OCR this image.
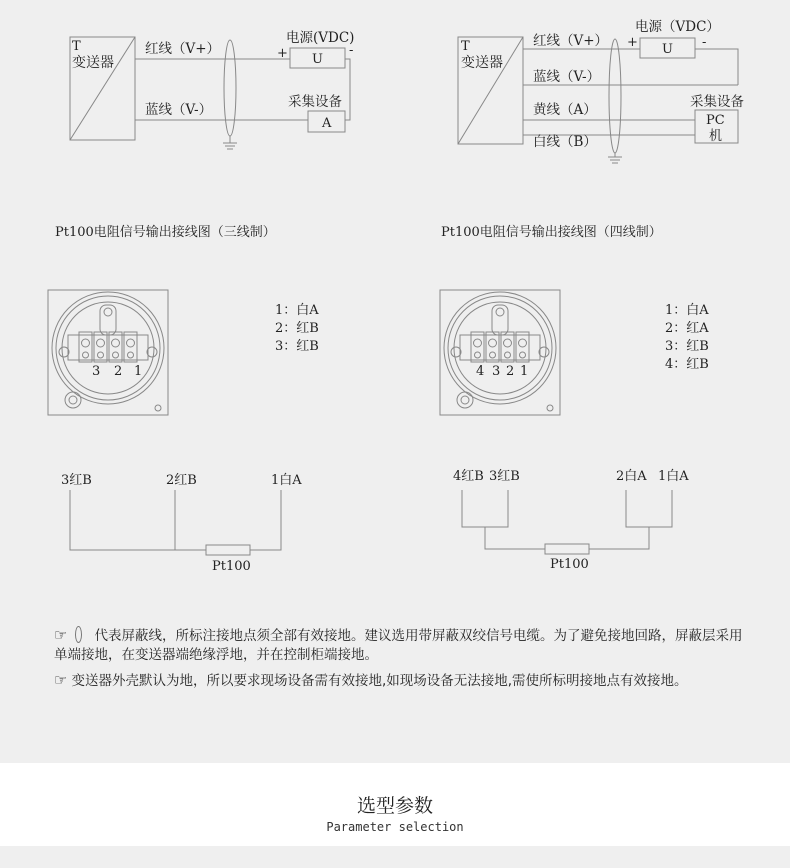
T
变送器
红线（V+）
蓝线（V-）
U
电源(VDC)
+	-
A
采集设备
Pt100电阻信号输出接线图（三线制）
T
变送器
红线（V+）
蓝线（V-）
黄线（A）
白线（B）
U
电源（VDC）
+	-
PC
机
采集设备
Pt100电阻信号输出接线图（四线制）
1：白A
2：红B
3：红B
1：白A
2：红A
3：红B
4：红B
3 2 1	4 3 2 1
3红B	2红B	1白A
Pt100
4红B 3红B	2白A 1白A
Pt100

☞ 代表屏蔽线，所标注接地点须全部有效接地。建议选用带屏蔽双绞信号电缆。为了避免接地回路，屏蔽层采用单端接地，在变送器端绝缘浮地，并在控制柜端接地。

☞ 变送器外壳默认为地，所以要求现场设备需有效接地,如现场设备无法接地,需使所标明接地点有效接地。

选型参数
Parameter selection
